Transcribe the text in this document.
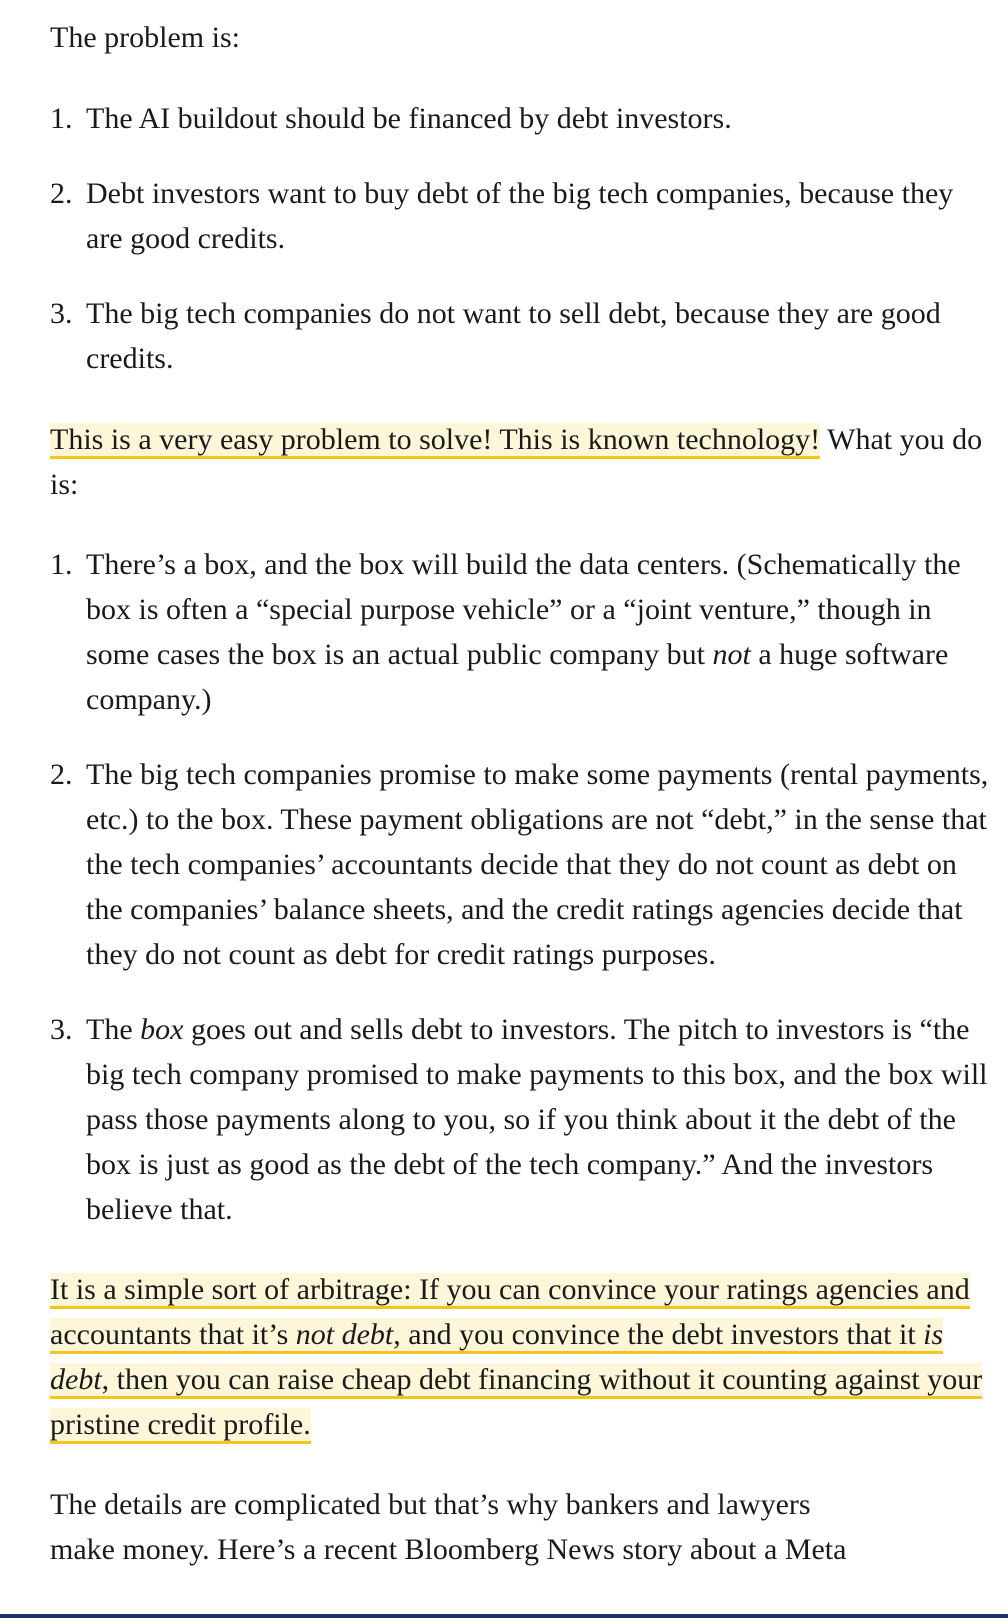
The problem is:

The AI buildout should be financed by debt investors.
Debt investors want to buy debt of the big tech companies, because they are good credits.
The big tech companies do not want to sell debt, because they are good credits.

This is a very easy problem to solve! This is known technology! What you do is:

There’s a box, and the box will build the data centers. (Schematically the box is often a “special purpose vehicle” or a “joint venture,” though in some cases the box is an actual public company but not a huge software company.)
The big tech companies promise to make some payments (rental payments, etc.) to the box. These payment obligations are not “debt,” in the sense that the tech companies’ accountants decide that they do not count as debt on the companies’ balance sheets, and the credit ratings agencies decide that they do not count as debt for credit ratings purposes.
The box goes out and sells debt to investors. The pitch to investors is “the big tech company promised to make payments to this box, and the box will pass those payments along to you, so if you think about it the debt of the box is just as good as the debt of the tech company.” And the investors believe that.

It is a simple sort of arbitrage: If you can convince your ratings agencies and accountants that it’s not debt, and you convince the debt investors that it is debt, then you can raise cheap debt financing without it counting against your pristine credit profile.

The details are complicated but that’s why bankers and lawyers
make money. Here’s a recent Bloomberg News story about a Meta
